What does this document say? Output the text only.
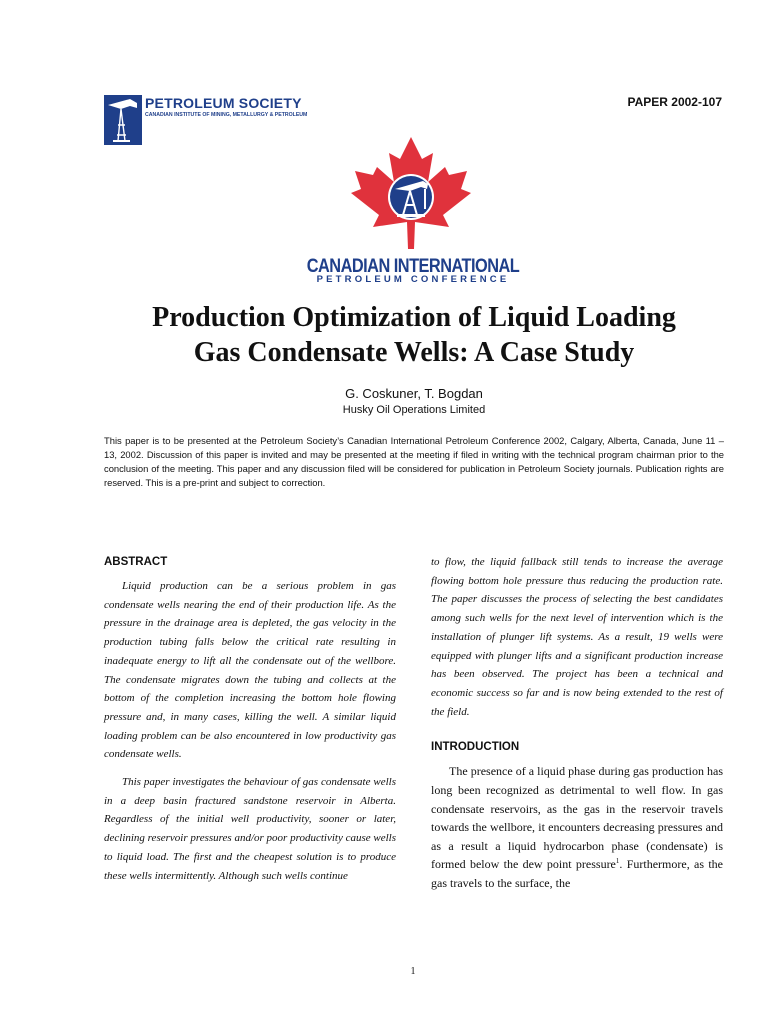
PETROLEUM SOCIETY
CANADIAN INSTITUTE OF MINING, METALLURGY & PETROLEUM
PAPER 2002-107
CANADIAN INTERNATIONAL
PETROLEUM CONFERENCE
Production Optimization of Liquid Loading
Gas Condensate Wells: A Case Study
G. Coskuner, T. Bogdan
Husky Oil Operations Limited
This paper is to be presented at the Petroleum Society’s Canadian International Petroleum Conference 2002, Calgary, Alberta, Canada, June 11 – 13, 2002. Discussion of this paper is invited and may be presented at the meeting if filed in writing with the technical program chairman prior to the conclusion of the meeting. This paper and any discussion filed will be considered for publication in Petroleum Society journals. Publication rights are reserved. This is a pre-print and subject to correction.
ABSTRACT

Liquid production can be a serious problem in gas condensate wells nearing the end of their production life. As the pressure in the drainage area is depleted, the gas velocity in the production tubing falls below the critical rate resulting in inadequate energy to lift all the condensate out of the wellbore. The condensate migrates down the tubing and collects at the bottom of the completion increasing the bottom hole flowing pressure and, in many cases, killing the well. A similar liquid loading problem can be also encountered in low productivity gas condensate wells.

This paper investigates the behaviour of gas condensate wells in a deep basin fractured sandstone reservoir in Alberta. Regardless of the initial well productivity, sooner or later, declining reservoir pressures and/or poor productivity cause wells to liquid load. The first and the cheapest solution is to produce these wells intermittently. Although such wells continue

to flow, the liquid fallback still tends to increase the average flowing bottom hole pressure thus reducing the production rate. The paper discusses the process of selecting the best candidates among such wells for the next level of intervention which is the installation of plunger lift systems. As a result, 19 wells were equipped with plunger lifts and a significant production increase has been observed. The project has been a technical and economic success so far and is now being extended to the rest of the field.

INTRODUCTION

The presence of a liquid phase during gas production has long been recognized as detrimental to well flow. In gas condensate reservoirs, as the gas in the reservoir travels towards the wellbore, it encounters decreasing pressures and as a result a liquid hydrocarbon phase (condensate) is formed below the dew point pressure$^1$. Furthermore, as the gas travels to the surface, the

1
